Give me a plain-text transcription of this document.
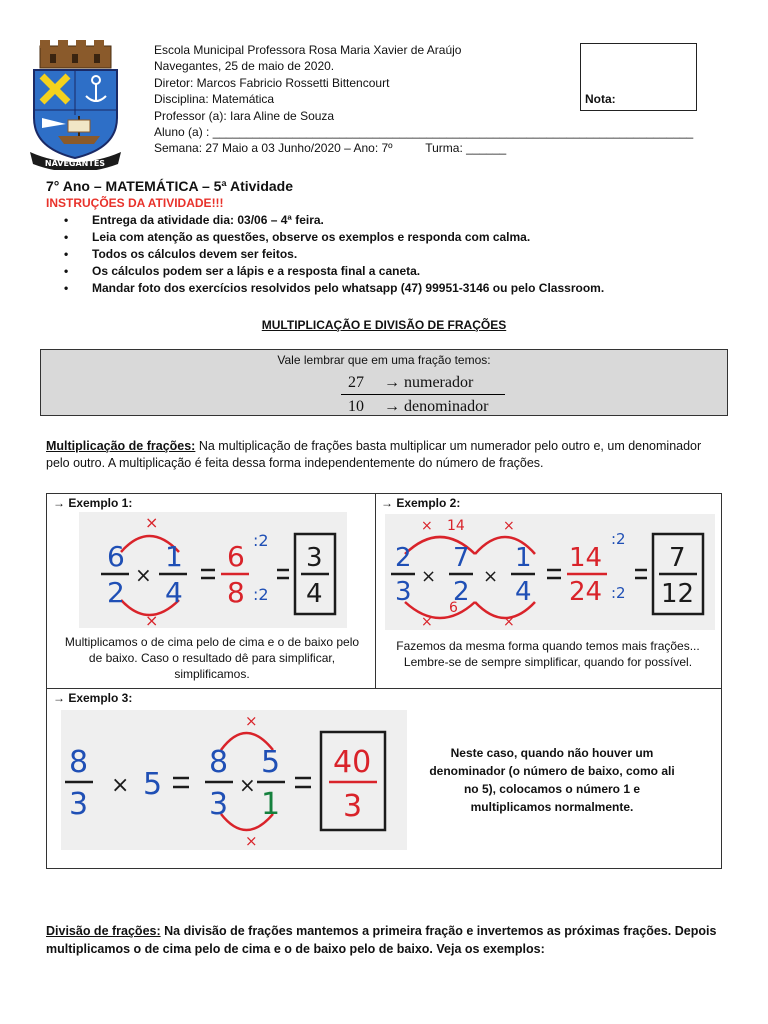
NAVEGANTES
Escola Municipal Professora Rosa Maria Xavier de Araújo
Navegantes, 25 de maio de 2020.
Diretor: Marcos Fabricio Rossetti Bittencourt
Disciplina: Matemática
Professor (a): Iara Aline de Souza
Aluno (a) : ________________________________________________________________________
Semana: 27 Maio a 03 Junho/2020 – Ano: 7º	Turma: ______
Nota:
7° Ano – MATEMÁTICA – 5ª Atividade
INSTRUÇÕES DA ATIVIDADE!!!
• Entrega da atividade dia: 03/06 – 4ª feira.
• Leia com atenção as questões, observe os exemplos e responda com calma.
• Todos os cálculos devem ser feitos.
• Os cálculos podem ser a lápis e a resposta final a caneta.
• Mandar foto dos exercícios resolvidos pelo whatsapp (47) 99951-3146 ou pelo Classroom.
MULTIPLICAÇÃO E DIVISÃO DE FRAÇÕES
Vale lembrar que em uma fração temos:
27	→ numerador
10	→ denominador
Multiplicação de frações: Na multiplicação de frações basta multiplicar um numerador pelo outro e, um denominador pelo outro. A multiplicação é feita dessa forma independentemente do número de frações.
→ Exemplo 1:
×
×
6
2
×
1
4
6
8
:2
:2
3
4
Multiplicamos o de cima pelo de cima e o de baixo pelo de baixo. Caso o resultado dê para simplificar, simplificamos.
→ Exemplo 2:
× 14	×
×
6
×
2
3
×
7
2
×
1
4
14
24
:2
:2
7
12
Fazemos da mesma forma quando temos mais frações... Lembre-se de sempre simplificar, quando for possível.
→ Exemplo 3:
8
3
× 5
×
×
8
3
×
5
1
40
3
Neste caso, quando não houver um denominador (o número de baixo, como ali no 5), colocamos o número 1 e multiplicamos normalmente.
Divisão de frações: Na divisão de frações mantemos a primeira fração e invertemos as próximas frações. Depois multiplicamos o de cima pelo de cima e o de baixo pelo de baixo. Veja os exemplos:
